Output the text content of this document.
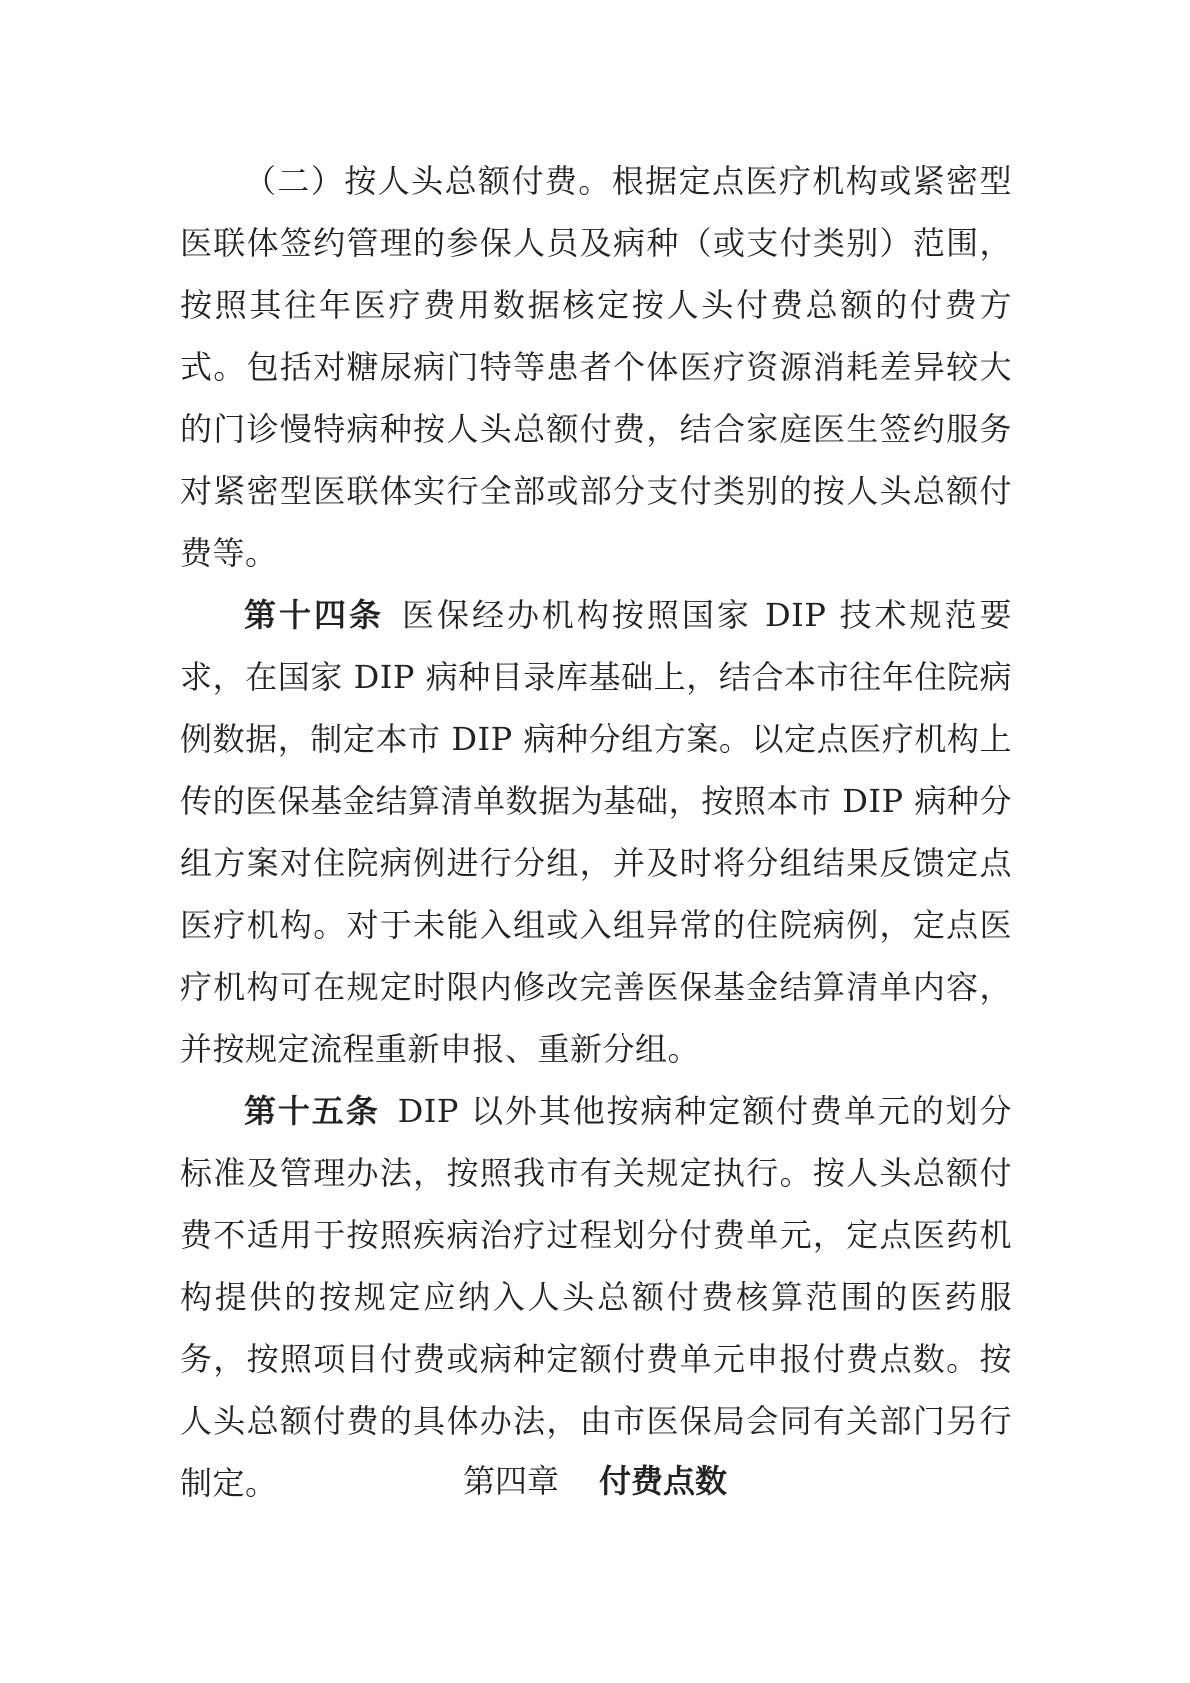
（二）按人头总额付费。根据定点医疗机构或紧密型医联体签约管理的参保人员及病种（或支付类别）范围，按照其往年医疗费用数据核定按人头付费总额的付费方式。包括对糖尿病门特等患者个体医疗资源消耗差异较大的门诊慢特病种按人头总额付费，结合家庭医生签约服务对紧密型医联体实行全部或部分支付类别的按人头总额付费等。

第十四条 医保经办机构按照国家 DIP 技术规范要求，在国家 DIP 病种目录库基础上，结合本市往年住院病例数据，制定本市 DIP 病种分组方案。以定点医疗机构上传的医保基金结算清单数据为基础，按照本市 DIP 病种分组方案对住院病例进行分组，并及时将分组结果反馈定点医疗机构。对于未能入组或入组异常的住院病例，定点医疗机构可在规定时限内修改完善医保基金结算清单内容，并按规定流程重新申报、重新分组。

第十五条 DIP 以外其他按病种定额付费单元的划分标准及管理办法，按照我市有关规定执行。按人头总额付费不适用于按照疾病治疗过程划分付费单元，定点医药机构提供的按规定应纳入人头总额付费核算范围的医药服务，按照项目付费或病种定额付费单元申报付费点数。按人头总额付费的具体办法，由市医保局会同有关部门另行制定。	第四章 付费点数
